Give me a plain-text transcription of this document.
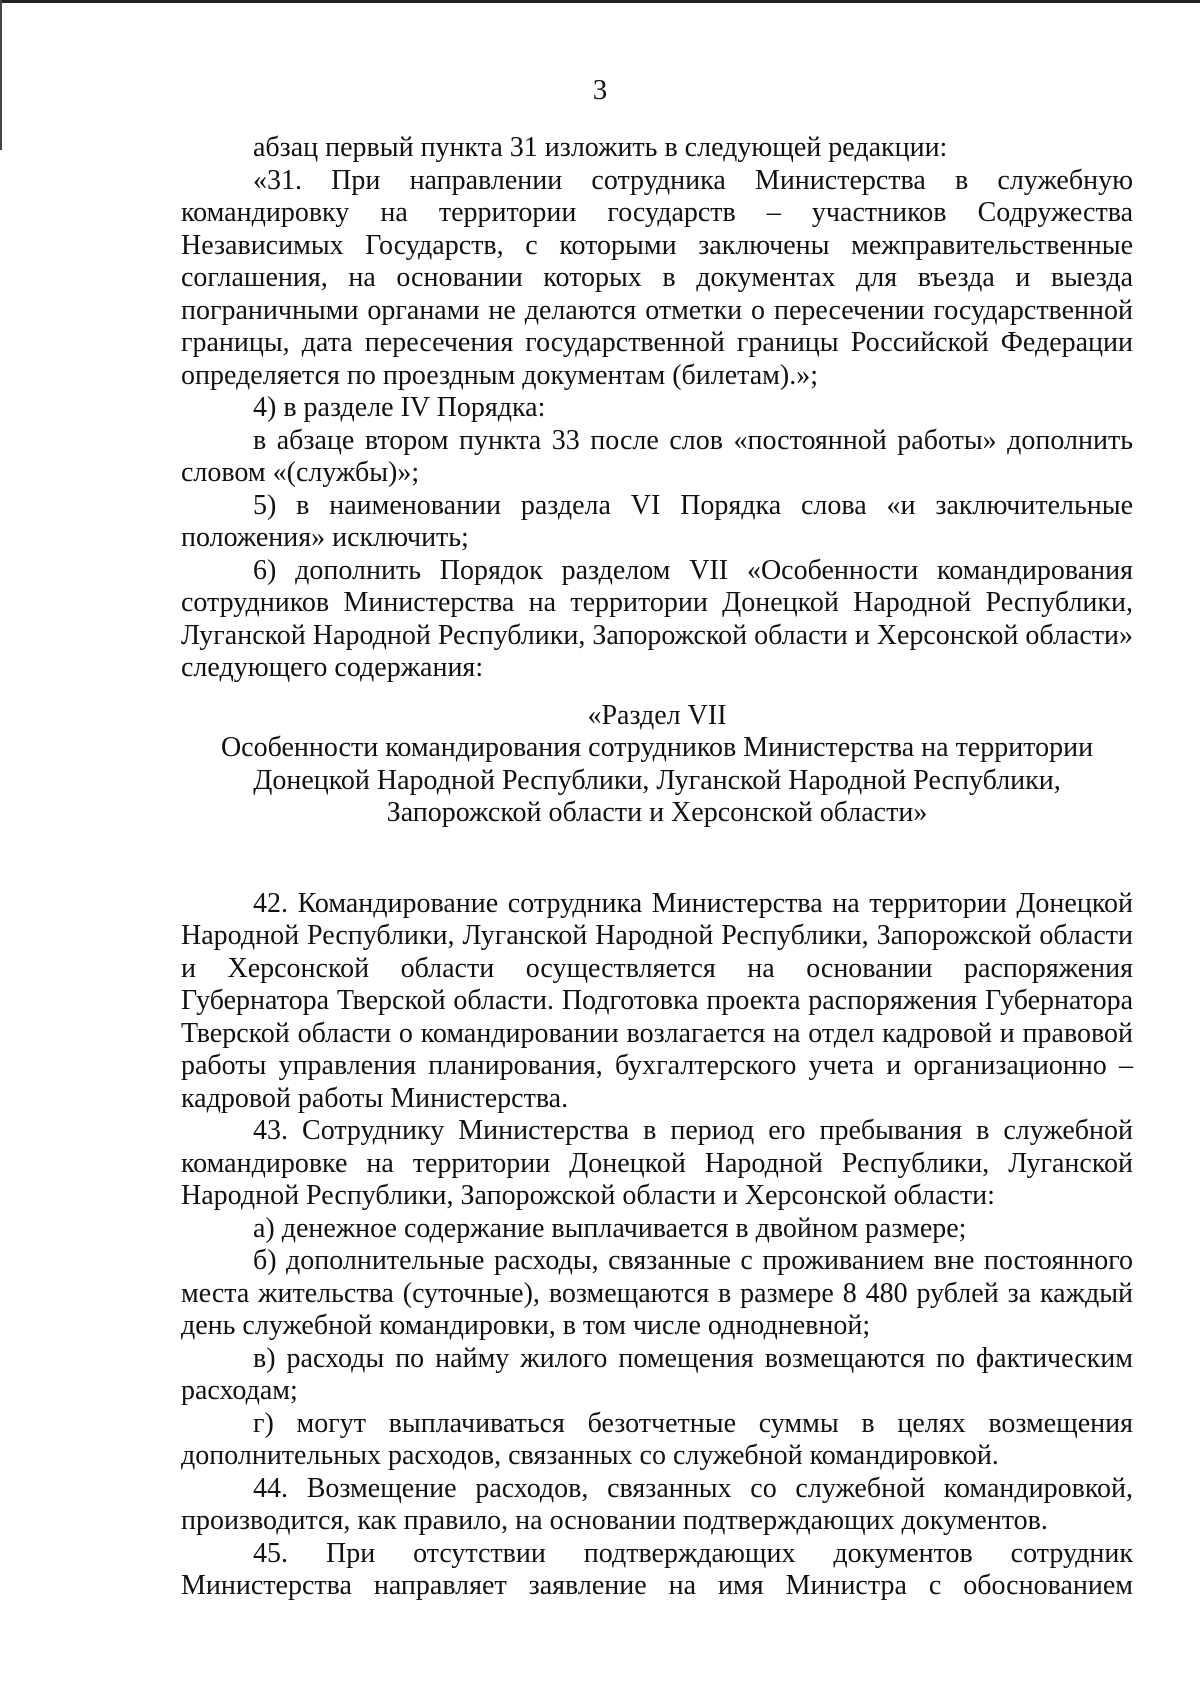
3

абзац первый пункта 31 изложить в следующей редакции:

«31. При направлении сотрудника Министерства в служебную командировку на территории государств – участников Содружества Независимых Государств, с которыми заключены межправительственные соглашения, на основании которых в документах для въезда и выезда пограничными органами не делаются отметки о пересечении государственной границы, дата пересечения государственной границы Российской Федерации определяется по проездным документам (билетам).»;

4) в разделе IV Порядка:

в абзаце втором пункта 33 после слов «постоянной работы» дополнить словом «(службы)»;

5) в наименовании раздела VI Порядка слова «и заключительные положения» исключить;

6) дополнить Порядок разделом VII «Особенности командирования сотрудников Министерства на территории Донецкой Народной Республики, Луганской Народной Республики, Запорожской области и Херсонской области» следующего содержания:

«Раздел VII

Особенности командирования сотрудников Министерства на территории

Донецкой Народной Республики, Луганской Народной Республики,

Запорожской области и Херсонской области»

42. Командирование сотрудника Министерства на территории Донецкой Народной Республики, Луганской Народной Республики, Запорожской области и Херсонской области осуществляется на основании распоряжения Губернатора Тверской области. Подготовка проекта распоряжения Губернатора Тверской области о командировании возлагается на отдел кадровой и правовой работы управления планирования, бухгалтерского учета и организационно – кадровой работы Министерства.

43. Сотруднику Министерства в период его пребывания в служебной командировке на территории Донецкой Народной Республики, Луганской Народной Республики, Запорожской области и Херсонской области:

а) денежное содержание выплачивается в двойном размере;

б) дополнительные расходы, связанные с проживанием вне постоянного места жительства (суточные), возмещаются в размере 8 480 рублей за каждый день служебной командировки, в том числе однодневной;

в) расходы по найму жилого помещения возмещаются по фактическим расходам;

г) могут выплачиваться безотчетные суммы в целях возмещения дополнительных расходов, связанных со служебной командировкой.

44. Возмещение расходов, связанных со служебной командировкой, производится, как правило, на основании подтверждающих документов.

45. При отсутствии подтверждающих документов сотрудник Министерства направляет заявление на имя Министра с обоснованием
